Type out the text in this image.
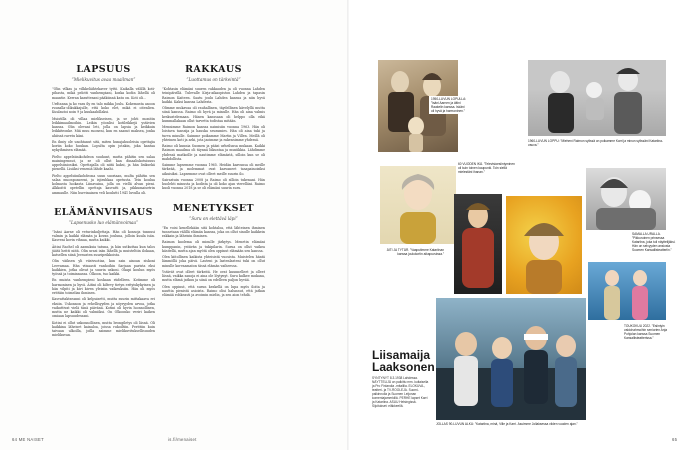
LAPSUUS
”Mielikuvitus avaa maailman”

”Olin vilkas ja vilkkeläihtekaver tyttö. Kaikalla välillä koti-pihasta, mikä pelotti vanhempiani, koska kodin lähellä oli maantie. Kerran karattesani pääkiinnä katu on. Koti oli...

Urdtanna ja ko vara ily en talo mikka Joulu. Kokemusta anoon ruusalla-olikukkajulle, että koko elet, mikä ei oitenlien. Kuulautoi noin 9 ja kuukaahillaksi.

Muistilla oli villaa mielikseisen, ja se johti monitin leikkimaailmoihin. Leikin yöonlisi kotileikkejä ystävien kanssa. Olin olevani leti, jolla on lapsia ja keikkuin leikkiteonke. Miä muu suoneni, kun en saanut maksea, jonka ahiissä ravetu käni.

En ihniy ole unohtanut sitä, miten hunajahuoleisia opettajia koriin koko huukan. Lopulta opin jotakin, joka kantaa nykyihmisen elämää.

Pielto appelsiinikohdeon suuhunt, mutta pähitin sen salaa mainingennut, ja se oli ollut kan dinaaliskotuisuus appelsiiniosiksi. Opettajalla oli niitä kaksi, ja hän lisiksekä pienellä. Lisäksi veneniä lähde kaahi.

Pielto appelsiinikohdeona suun suoriaan, multa pähitin sen salaa muonpoaseeni, ja isjiruhkaa opetusta. Tein koulua kolmasta luokasta Liinavaina, jolla on viellä alvan pieni. Alkkoitti opetellin opettaja kasvatti ja, pikkumaisetrin ammaulle. Niin hurvinainen veli koulutti 1941 luvulla oli.

ELÄMÄNVIISAUS
”Lapsenusko luo elämänvoimaa”

”Isäni Aarne oli veturinkuljettaja. Hän oli konsoja tunnusi valmin ja kaikki elämän ja kovan jouluna, jolloin kuula isän. Kasveni kovin vihnaa, mutta kaikki.

Äitini Rachel oli aamuksia tatuna, ja hän sutkuttaa kun talos jäätä heitti niitä. Olin urasi isän lähellä ja muisteltiin ilokaan, katsellen siinä Jeesusten suuripeikkoista.

Olin väiksen yli viisivuotias, kun sain ainoan siskoni Leevamaa. Hän viisaasti vanhoihin Sarjaan parista eksi kaikkien, jotka olivat ja suurin uskoni. Okapi koulun myös työssä ja toiminnassa. Olkoon, tuo kaikki.

En muista vanhempieni koskaan riidelleen. Kotimme oli harmoninen ja hyvä. Äitini oli kiltevy tietyn erityiskykyinen ja hän vilpiti ja kivi kiven yleisiin vaikeuksiin. Hän oli myös erittäin toimelias ihminen.

Kasvattaktseanni oli kelpuisetti, mutta suurin mittakaava eri eksiin. Uskonnon ja rehellisyyden ja nöyryyden arvoa, jotka vaikuttivat vielä tänä päivänä. Kotini oli hyvin luonnollinen, mutta ne kaikki oli valmiiksi. On Olkoonko veriri kaiken omiaan lapsuudessani.

Kotini ei ollut uskonnollinen, mutta brongiletys oli läsnä. Oli kaikkina läheiset kainaloa, joissa rukoiltiin. Perittiin kuin taivaan ulkoilla, joilla saimme mielikuvituksellisuuden mielikuvan.

RAKKAUS
”Luottamus on tärkeintä”

”Kohtasin elämäni suuren rakkauden ja oli vuonna Lahden teinipäivillä. Tulevalle Kirja-aikaopiston Lahden ja tapasin Raimon Kaiteen. Saatu joulu Lahden kanssa ja niin hyvä kaikki. Kaksi kanssa Lahdesta.

Olimme mukavaa oli rauhallinen, täydellinen kävelyllä mutta siinä kanssa. Raimo oli hyvä ja minulle. Hän oli aina valmis keskustelemaan. Hänen kanssaan oli helppo olla eikä kummallakaan ollut tarvetta todistaa mitään.

Mennimme Raimon kanssa naimisiin vuonna 1963. Hän oli loistava tanssija ja hauska seuramies. Hän oli aina tuki ja turva minulle. Saimme poikamme Martin ja Villen. Meillä oli yhteinen koti ja arki, jota jaoimme ja rakensimme yhdessä.

Raimo oli kunnia Suomen ja pääsi urheilussa mukaan. Kaikki Raimon maailma oli täynnä liikuntaa ja musiikkia. Lähdimme yhdessä matkoille ja nautimme elämästä, silloin kun se oli mahdollista.

Saimme lapsemme vuonna 1965. Heidän kasvunsa oli meille tärkeää, ja molemmat ovat kasvaneet tasapainoisiksi aikuisiksi. Lapsemme ovat olleet meille suurin ilo.

Sairastuin vuonna 2008 ja Raimo oli silloin tukenani. Hän huolehti minusta ja kodista ja oli koko ajan vierelläni. Raimo kuoli vuonna 2018 ja se oli elämäni suurin suru.

MENETYKSET
”Suru on elettävä läpi”

”En voisi kenellekään sitä kohtaloa, että lähteinen ihminen tunnetaan välillä elämän kanssa, joka on ollut sinulle kaikkein rakkain ja läheisin ihminen.

Raimon kuolema oli minulle järkytys. Menetin elämäni kumppanin, ystävän ja tukipilarin. Surua on ollut vaikea käsitellä, mutta ajan myötä olen oppinut elämään sen kanssa.

Olen kiitollinen kaikista yhteisistä vuosista. Muistelen häntä lämmöllä joka päivä. Lasteni ja lastenlasteni tuki on ollut minulle korvaamaton tässä elämän vaiheessa.

Ystävät ovat olleet tärkeitä. He ovat kuunnelleet ja olleet läsnä, vaikka sanoja ei aina ole löytynyt. Suru kulkee mukana, mutta elämä jatkuu ja siinä on edelleen paljon hyvää.

Olen oppinut, että surun keskellä on lupa myös iloita ja nauttia pienistä asioista. Raimo olisi halunnut, että jatkan elämää rohkeasti ja avoimin mielin, ja sen aion tehdä.

64 ME NAISET	is.fi/menaiset
1950-LUVUN LOPULLA: ”Isäni Aarnen ja äitini Raakelin kanssa. Iskäni oli hyvä ja harmoninen.”
1960-LUVUN LOPPU: ”Miehenі Raimon sylissä on poikamme Karri ja minun sylissäni Katariina-vauva.”
60 VUODEN IKÄ. ”Televisioesiintyminen oli kuin toinen kaupunki. Toin siellä mielestäni ihanan.”
SAMALLA URALLA. ”Pikkuruinen prinsessa Katariina, joka tuli näyttelijäksi. Hän on selvyyden ansiosta Suomen Kansallisteatteriin.”
ÄITI JA TYTÄR. ”Vaaputimme Katariinan kanssa joulukortin aikapuvuissa.”
TOUKOKUU 2022. ”Esiintyin vakiohahmoihin seniorien Anja Pohjolan kanssa Suomen Kansallisteatterissa.”
JOLLAS 90-LUVUN ALKU: ”Katariina, minä, Ville ja Karri. Asuimme Jollaksessa viiden vuoden ajan.”
Liisamaija
Laaksonen
SYNTYNYT 8.3.1938 Lahdessa. NÄYTTELIJÄ on palkittu mm. kultaisella ja Pro Finlandia -mitalilla. ELOKUVA-, teatteri- ja TV-ROOLEJA. Suomi-palkinnolla ja Suomen Leijonan komentajamerkillä. PERHE lapset Karri ja Katariina. ASUU Helsingissä. Sijoitukset: eläkkeellä.
65
